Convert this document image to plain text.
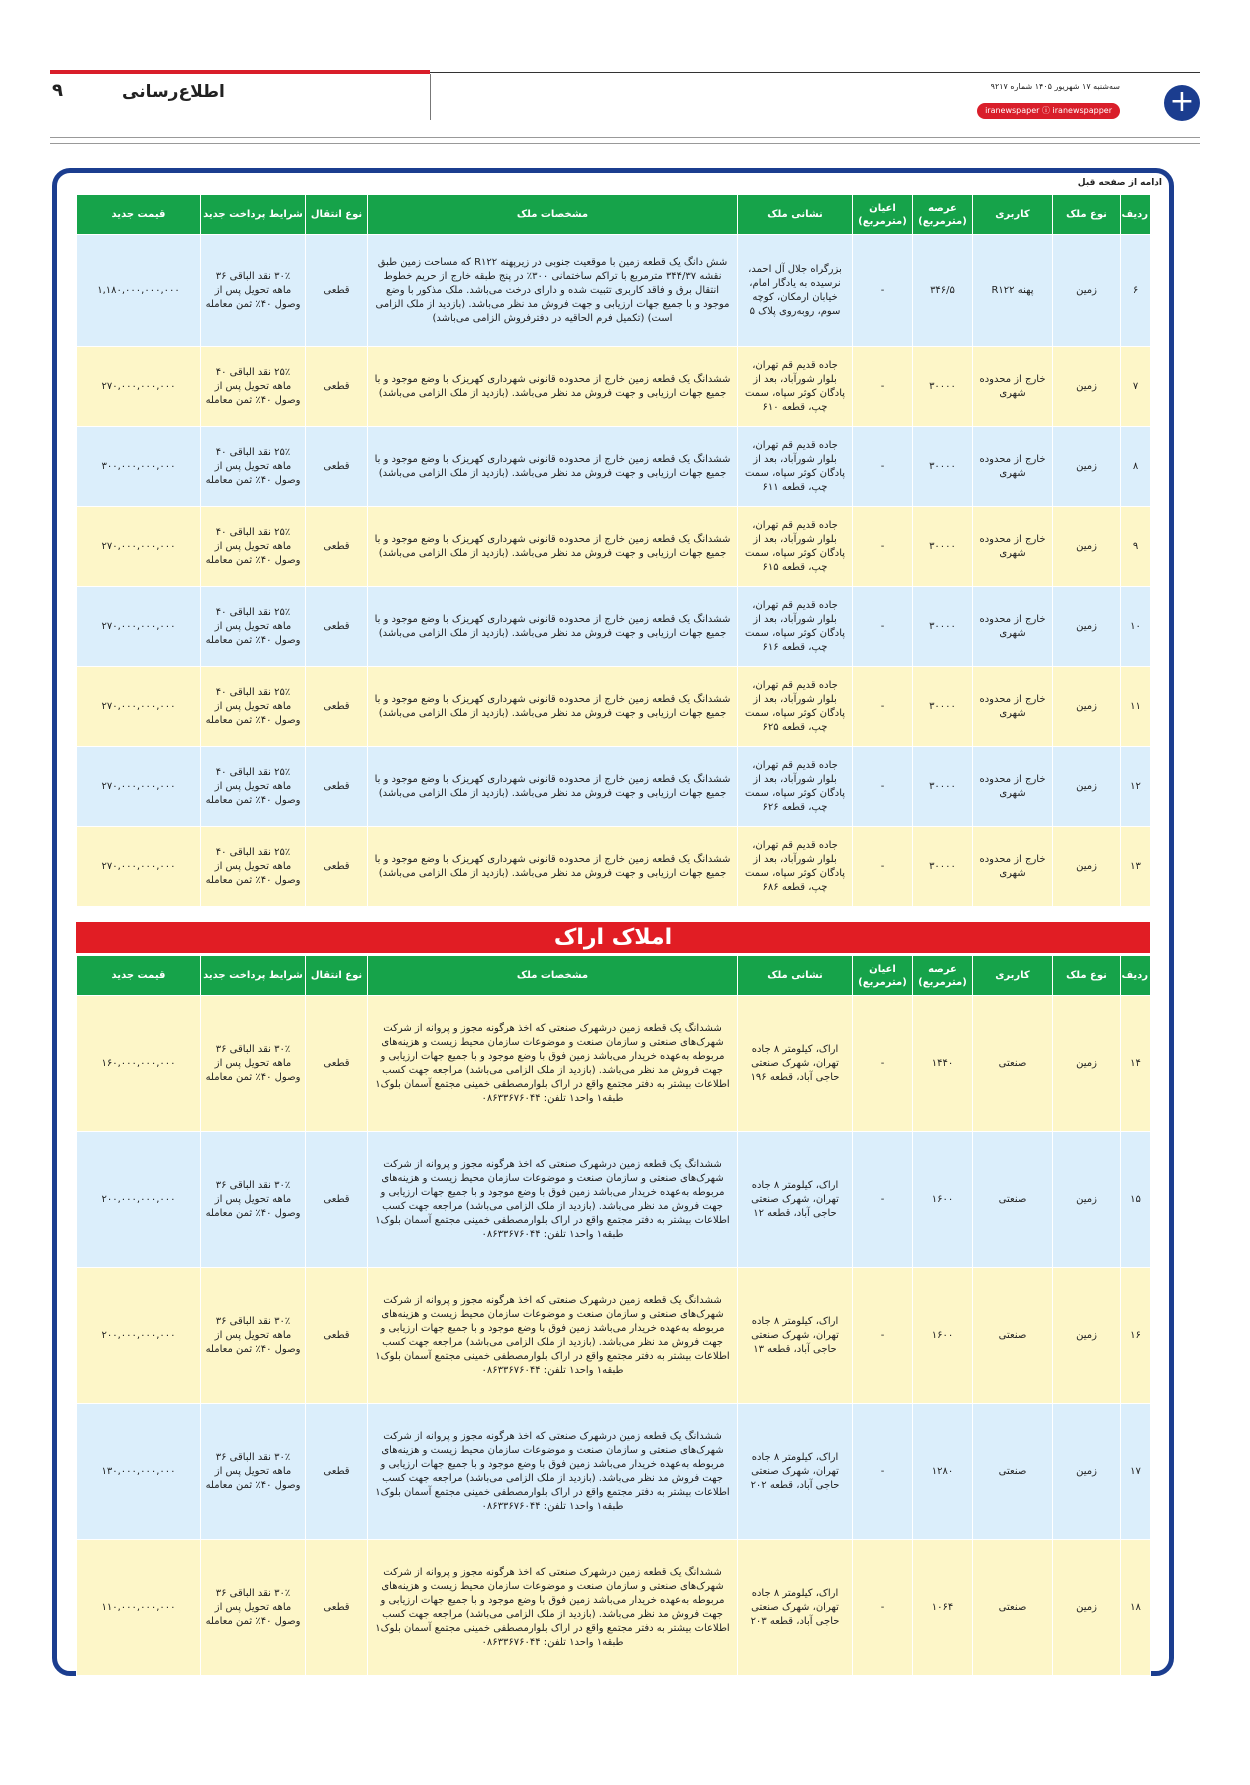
۹	اطلاع‌رسانی	+
سه‌شنبه ۱۷ شهریور ۱۴۰۵ شماره ۹۲۱۷
iranewspaper ⓘ iranewspapper
ادامه از صفحه قبل
ردیف	نوع ملک	کاربری	عرصه (مترمربع)	اعیان (مترمربع)	نشانی ملک	مشخصات ملک	نوع انتقال	شرایط پرداخت جدید	قیمت جدید
۶	زمین	پهنه R۱۲۲	۳۴۶/۵	-	بزرگراه جلال آل احمد، نرسیده به یادگار امام، خیابان ارمکان، کوچه سوم، روبه‌روی پلاک ۵	شش دانگ یک قطعه زمین با موقعیت جنوبی در زیرپهنه R۱۲۲ که مساحت زمین طبق نقشه ۳۴۴/۳۷ مترمربع با تراکم ساختمانی ۳۰۰٪ در پنج طبقه خارج از حریم خطوط انتقال برق و فاقد کاربری تثبیت شده و دارای درخت می‌باشد. ملک مذکور با وضع موجود و با جمیع جهات ارزیابی و جهت فروش مد نظر می‌باشد. (بازدید از ملک الزامی است) (تکمیل فرم الحاقیه در دفترفروش الزامی می‌باشد)	قطعی	۳۰٪ نقد الباقی ۳۶ ماهه تحویل پس از وصول ۴۰٪ ثمن معامله	۱,۱۸۰,۰۰۰,۰۰۰,۰۰۰
۷	زمین	خارج از محدوده شهری	۳۰۰۰۰	-	جاده قدیم قم تهران، بلوار شورآباد، بعد از پادگان کوثر سپاه، سمت چپ، قطعه ۶۱۰	ششدانگ یک قطعه زمین خارج از محدوده قانونی شهرداری کهریزک با وضع موجود و با جمیع جهات ارزیابی و جهت فروش مد نظر می‌باشد. (بازدید از ملک الزامی می‌باشد)	قطعی	۲۵٪ نقد الباقی ۴۰ ماهه تحویل پس از وصول ۴۰٪ ثمن معامله	۲۷۰,۰۰۰,۰۰۰,۰۰۰
۸	زمین	خارج از محدوده شهری	۳۰۰۰۰	-	جاده قدیم قم تهران، بلوار شورآباد، بعد از پادگان کوثر سپاه، سمت چپ، قطعه ۶۱۱	ششدانگ یک قطعه زمین خارج از محدوده قانونی شهرداری کهریزک با وضع موجود و با جمیع جهات ارزیابی و جهت فروش مد نظر می‌باشد. (بازدید از ملک الزامی می‌باشد)	قطعی	۲۵٪ نقد الباقی ۴۰ ماهه تحویل پس از وصول ۴۰٪ ثمن معامله	۳۰۰,۰۰۰,۰۰۰,۰۰۰
۹	زمین	خارج از محدوده شهری	۳۰۰۰۰	-	جاده قدیم قم تهران، بلوار شورآباد، بعد از پادگان کوثر سپاه، سمت چپ، قطعه ۶۱۵	ششدانگ یک قطعه زمین خارج از محدوده قانونی شهرداری کهریزک با وضع موجود و با جمیع جهات ارزیابی و جهت فروش مد نظر می‌باشد. (بازدید از ملک الزامی می‌باشد)	قطعی	۲۵٪ نقد الباقی ۴۰ ماهه تحویل پس از وصول ۴۰٪ ثمن معامله	۲۷۰,۰۰۰,۰۰۰,۰۰۰
۱۰	زمین	خارج از محدوده شهری	۳۰۰۰۰	-	جاده قدیم قم تهران، بلوار شورآباد، بعد از پادگان کوثر سپاه، سمت چپ، قطعه ۶۱۶	ششدانگ یک قطعه زمین خارج از محدوده قانونی شهرداری کهریزک با وضع موجود و با جمیع جهات ارزیابی و جهت فروش مد نظر می‌باشد. (بازدید از ملک الزامی می‌باشد)	قطعی	۲۵٪ نقد الباقی ۴۰ ماهه تحویل پس از وصول ۴۰٪ ثمن معامله	۲۷۰,۰۰۰,۰۰۰,۰۰۰
۱۱	زمین	خارج از محدوده شهری	۳۰۰۰۰	-	جاده قدیم قم تهران، بلوار شورآباد، بعد از پادگان کوثر سپاه، سمت چپ، قطعه ۶۲۵	ششدانگ یک قطعه زمین خارج از محدوده قانونی شهرداری کهریزک با وضع موجود و با جمیع جهات ارزیابی و جهت فروش مد نظر می‌باشد. (بازدید از ملک الزامی می‌باشد)	قطعی	۲۵٪ نقد الباقی ۴۰ ماهه تحویل پس از وصول ۴۰٪ ثمن معامله	۲۷۰,۰۰۰,۰۰۰,۰۰۰
۱۲	زمین	خارج از محدوده شهری	۳۰۰۰۰	-	جاده قدیم قم تهران، بلوار شورآباد، بعد از پادگان کوثر سپاه، سمت چپ، قطعه ۶۲۶	ششدانگ یک قطعه زمین خارج از محدوده قانونی شهرداری کهریزک با وضع موجود و با جمیع جهات ارزیابی و جهت فروش مد نظر می‌باشد. (بازدید از ملک الزامی می‌باشد)	قطعی	۲۵٪ نقد الباقی ۴۰ ماهه تحویل پس از وصول ۴۰٪ ثمن معامله	۲۷۰,۰۰۰,۰۰۰,۰۰۰
۱۳	زمین	خارج از محدوده شهری	۳۰۰۰۰	-	جاده قدیم قم تهران، بلوار شورآباد، بعد از پادگان کوثر سپاه، سمت چپ، قطعه ۶۸۶	ششدانگ یک قطعه زمین خارج از محدوده قانونی شهرداری کهریزک با وضع موجود و با جمیع جهات ارزیابی و جهت فروش مد نظر می‌باشد. (بازدید از ملک الزامی می‌باشد)	قطعی	۲۵٪ نقد الباقی ۴۰ ماهه تحویل پس از وصول ۴۰٪ ثمن معامله	۲۷۰,۰۰۰,۰۰۰,۰۰۰
املاک اراک
ردیف	نوع ملک	کاربری	عرصه (مترمربع)	اعیان (مترمربع)	نشانی ملک	مشخصات ملک	نوع انتقال	شرایط پرداخت جدید	قیمت جدید
۱۴	زمین	صنعتی	۱۴۴۰	-	اراک، کیلومتر ۸ جاده تهران، شهرک صنعتی حاجی آباد، قطعه ۱۹۶	ششدانگ یک قطعه زمین درشهرک صنعتی که اخذ هرگونه مجوز و پروانه از شرکت شهرک‌های صنعتی و سازمان صنعت و موضوعات سازمان محیط زیست و هزینه‌های مربوطه به‌عهده خریدار می‌باشد زمین فوق با وضع موجود و با جمیع جهات ارزیابی و جهت فروش مد نظر می‌باشد. (بازدید از ملک الزامی می‌باشد) مراجعه جهت کسب اطلاعات بیشتر به دفتر مجتمع واقع در اراک بلوارمصطفی خمینی مجتمع آسمان بلوک۱ طبقه۱ واحد۱ تلفن: ۰۸۶۳۳۶۷۶۰۴۴	قطعی	۳۰٪ نقد الباقی ۳۶ ماهه تحویل پس از وصول ۴۰٪ ثمن معامله	۱۶۰,۰۰۰,۰۰۰,۰۰۰
۱۵	زمین	صنعتی	۱۶۰۰	-	اراک، کیلومتر ۸ جاده تهران، شهرک صنعتی حاجی آباد، قطعه ۱۲	ششدانگ یک قطعه زمین درشهرک صنعتی که اخذ هرگونه مجوز و پروانه از شرکت شهرک‌های صنعتی و سازمان صنعت و موضوعات سازمان محیط زیست و هزینه‌های مربوطه به‌عهده خریدار می‌باشد زمین فوق با وضع موجود و با جمیع جهات ارزیابی و جهت فروش مد نظر می‌باشد. (بازدید از ملک الزامی می‌باشد) مراجعه جهت کسب اطلاعات بیشتر به دفتر مجتمع واقع در اراک بلوارمصطفی خمینی مجتمع آسمان بلوک۱ طبقه۱ واحد۱ تلفن: ۰۸۶۳۳۶۷۶۰۴۴	قطعی	۳۰٪ نقد الباقی ۳۶ ماهه تحویل پس از وصول ۴۰٪ ثمن معامله	۲۰۰,۰۰۰,۰۰۰,۰۰۰
۱۶	زمین	صنعتی	۱۶۰۰	-	اراک، کیلومتر ۸ جاده تهران، شهرک صنعتی حاجی آباد، قطعه ۱۳	ششدانگ یک قطعه زمین درشهرک صنعتی که اخذ هرگونه مجوز و پروانه از شرکت شهرک‌های صنعتی و سازمان صنعت و موضوعات سازمان محیط زیست و هزینه‌های مربوطه به‌عهده خریدار می‌باشد زمین فوق با وضع موجود و با جمیع جهات ارزیابی و جهت فروش مد نظر می‌باشد. (بازدید از ملک الزامی می‌باشد) مراجعه جهت کسب اطلاعات بیشتر به دفتر مجتمع واقع در اراک بلوارمصطفی خمینی مجتمع آسمان بلوک۱ طبقه۱ واحد۱ تلفن: ۰۸۶۳۳۶۷۶۰۴۴	قطعی	۳۰٪ نقد الباقی ۳۶ ماهه تحویل پس از وصول ۴۰٪ ثمن معامله	۲۰۰,۰۰۰,۰۰۰,۰۰۰
۱۷	زمین	صنعتی	۱۲۸۰	-	اراک، کیلومتر ۸ جاده تهران، شهرک صنعتی حاجی آباد، قطعه ۲۰۲	ششدانگ یک قطعه زمین درشهرک صنعتی که اخذ هرگونه مجوز و پروانه از شرکت شهرک‌های صنعتی و سازمان صنعت و موضوعات سازمان محیط زیست و هزینه‌های مربوطه به‌عهده خریدار می‌باشد زمین فوق با وضع موجود و با جمیع جهات ارزیابی و جهت فروش مد نظر می‌باشد. (بازدید از ملک الزامی می‌باشد) مراجعه جهت کسب اطلاعات بیشتر به دفتر مجتمع واقع در اراک بلوارمصطفی خمینی مجتمع آسمان بلوک۱ طبقه۱ واحد۱ تلفن: ۰۸۶۳۳۶۷۶۰۴۴	قطعی	۳۰٪ نقد الباقی ۳۶ ماهه تحویل پس از وصول ۴۰٪ ثمن معامله	۱۳۰,۰۰۰,۰۰۰,۰۰۰
۱۸	زمین	صنعتی	۱۰۶۴	-	اراک، کیلومتر ۸ جاده تهران، شهرک صنعتی حاجی آباد، قطعه ۲۰۳	ششدانگ یک قطعه زمین درشهرک صنعتی که اخذ هرگونه مجوز و پروانه از شرکت شهرک‌های صنعتی و سازمان صنعت و موضوعات سازمان محیط زیست و هزینه‌های مربوطه به‌عهده خریدار می‌باشد زمین فوق با وضع موجود و با جمیع جهات ارزیابی و جهت فروش مد نظر می‌باشد. (بازدید از ملک الزامی می‌باشد) مراجعه جهت کسب اطلاعات بیشتر به دفتر مجتمع واقع در اراک بلوارمصطفی خمینی مجتمع آسمان بلوک۱ طبقه۱ واحد۱ تلفن: ۰۸۶۳۳۶۷۶۰۴۴	قطعی	۳۰٪ نقد الباقی ۳۶ ماهه تحویل پس از وصول ۴۰٪ ثمن معامله	۱۱۰,۰۰۰,۰۰۰,۰۰۰
